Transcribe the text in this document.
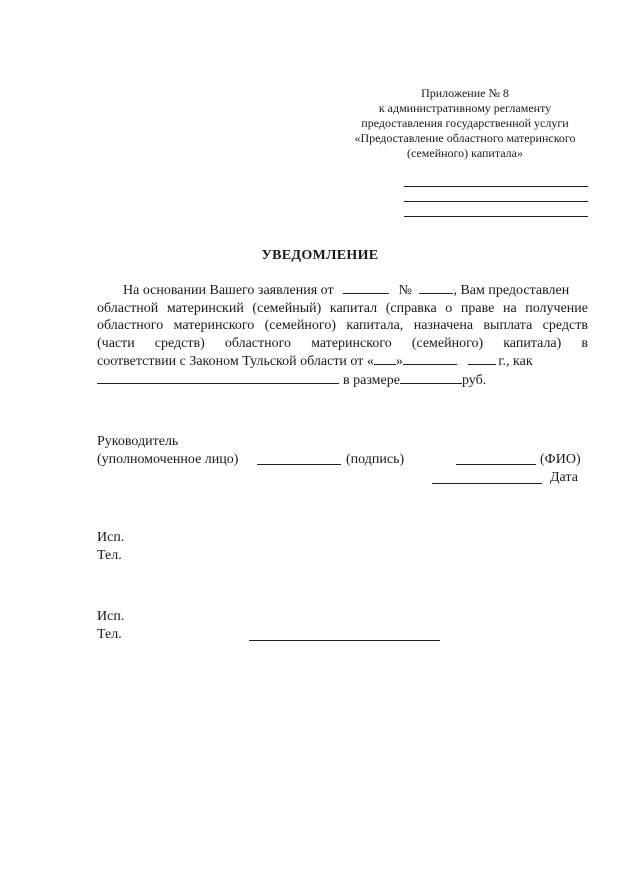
Приложение № 8
к административному регламенту
предоставления государственной услуги
«Предоставление областного материнского
(семейного) капитала»
УВЕДОМЛЕНИЕ
На основании Вашего заявления от	№	, Вам предоставлен
областной материнский (семейный) капитал (справка о праве на получение
областного материнского (семейного) капитала, назначена выплата средств
(части средств) областного материнского (семейного) капитала) в
соответствии с Законом Тульской области от « »	г., как
в размере	руб.
Руководитель
(уполномоченное лицо)	(подпись)	(ФИО)
Дата
Исп.
Тел.
Исп.
Тел.
